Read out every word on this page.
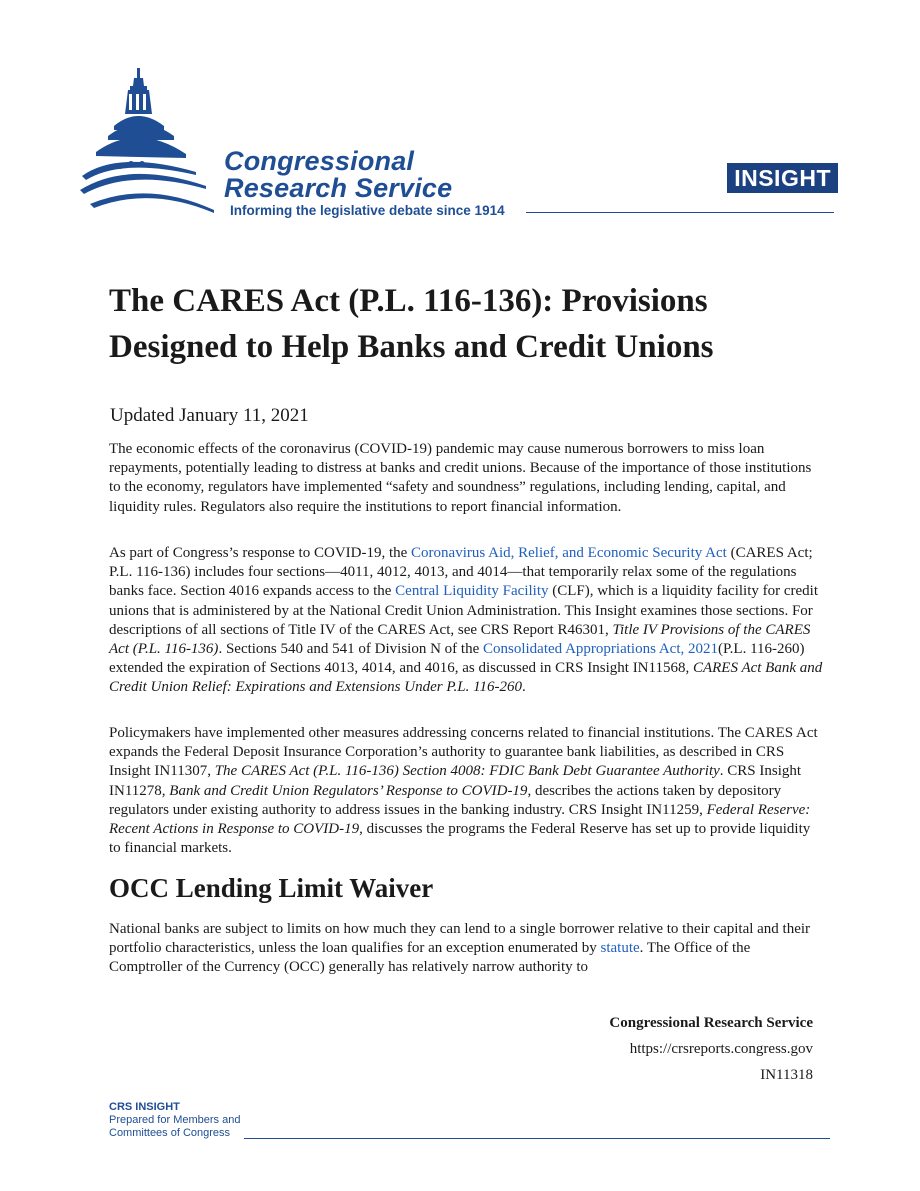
Congressional
Research Service
Informing the legislative debate since 1914
INSIGHT
The CARES Act (P.L. 116-136): Provisions
Designed to Help Banks and Credit Unions
Updated January 11, 2021

The economic effects of the coronavirus (COVID-19) pandemic may cause numerous borrowers to miss loan repayments, potentially leading to distress at banks and credit unions. Because of the importance of those institutions to the economy, regulators have implemented “safety and soundness” regulations, including lending, capital, and liquidity rules. Regulators also require the institutions to report financial information.

As part of Congress’s response to COVID-19, the Coronavirus Aid, Relief, and Economic Security Act (CARES Act; P.L. 116-136) includes four sections—4011, 4012, 4013, and 4014—that temporarily relax some of the regulations banks face. Section 4016 expands access to the Central Liquidity Facility (CLF), which is a liquidity facility for credit unions that is administered by at the National Credit Union Administration. This Insight examines those sections. For descriptions of all sections of Title IV of the CARES Act, see CRS Report R46301, Title IV Provisions of the CARES Act (P.L. 116-136). Sections 540 and 541 of Division N of the Consolidated Appropriations Act, 2021(P.L. 116-260) extended the expiration of Sections 4013, 4014, and 4016, as discussed in CRS Insight IN11568, CARES Act Bank and Credit Union Relief: Expirations and Extensions Under P.L. 116-260.

Policymakers have implemented other measures addressing concerns related to financial institutions. The CARES Act expands the Federal Deposit Insurance Corporation’s authority to guarantee bank liabilities, as described in CRS Insight IN11307, The CARES Act (P.L. 116-136) Section 4008: FDIC Bank Debt Guarantee Authority. CRS Insight IN11278, Bank and Credit Union Regulators’ Response to COVID-19, describes the actions taken by depository regulators under existing authority to address issues in the banking industry. CRS Insight IN11259, Federal Reserve: Recent Actions in Response to COVID-19, discusses the programs the Federal Reserve has set up to provide liquidity to financial markets.

OCC Lending Limit Waiver

National banks are subject to limits on how much they can lend to a single borrower relative to their capital and their portfolio characteristics, unless the loan qualifies for an exception enumerated by statute. The Office of the Comptroller of the Currency (OCC) generally has relatively narrow authority to

Congressional Research Service
https://crsreports.congress.gov
IN11318
CRS INSIGHT
Prepared for Members and
Committees of Congress
